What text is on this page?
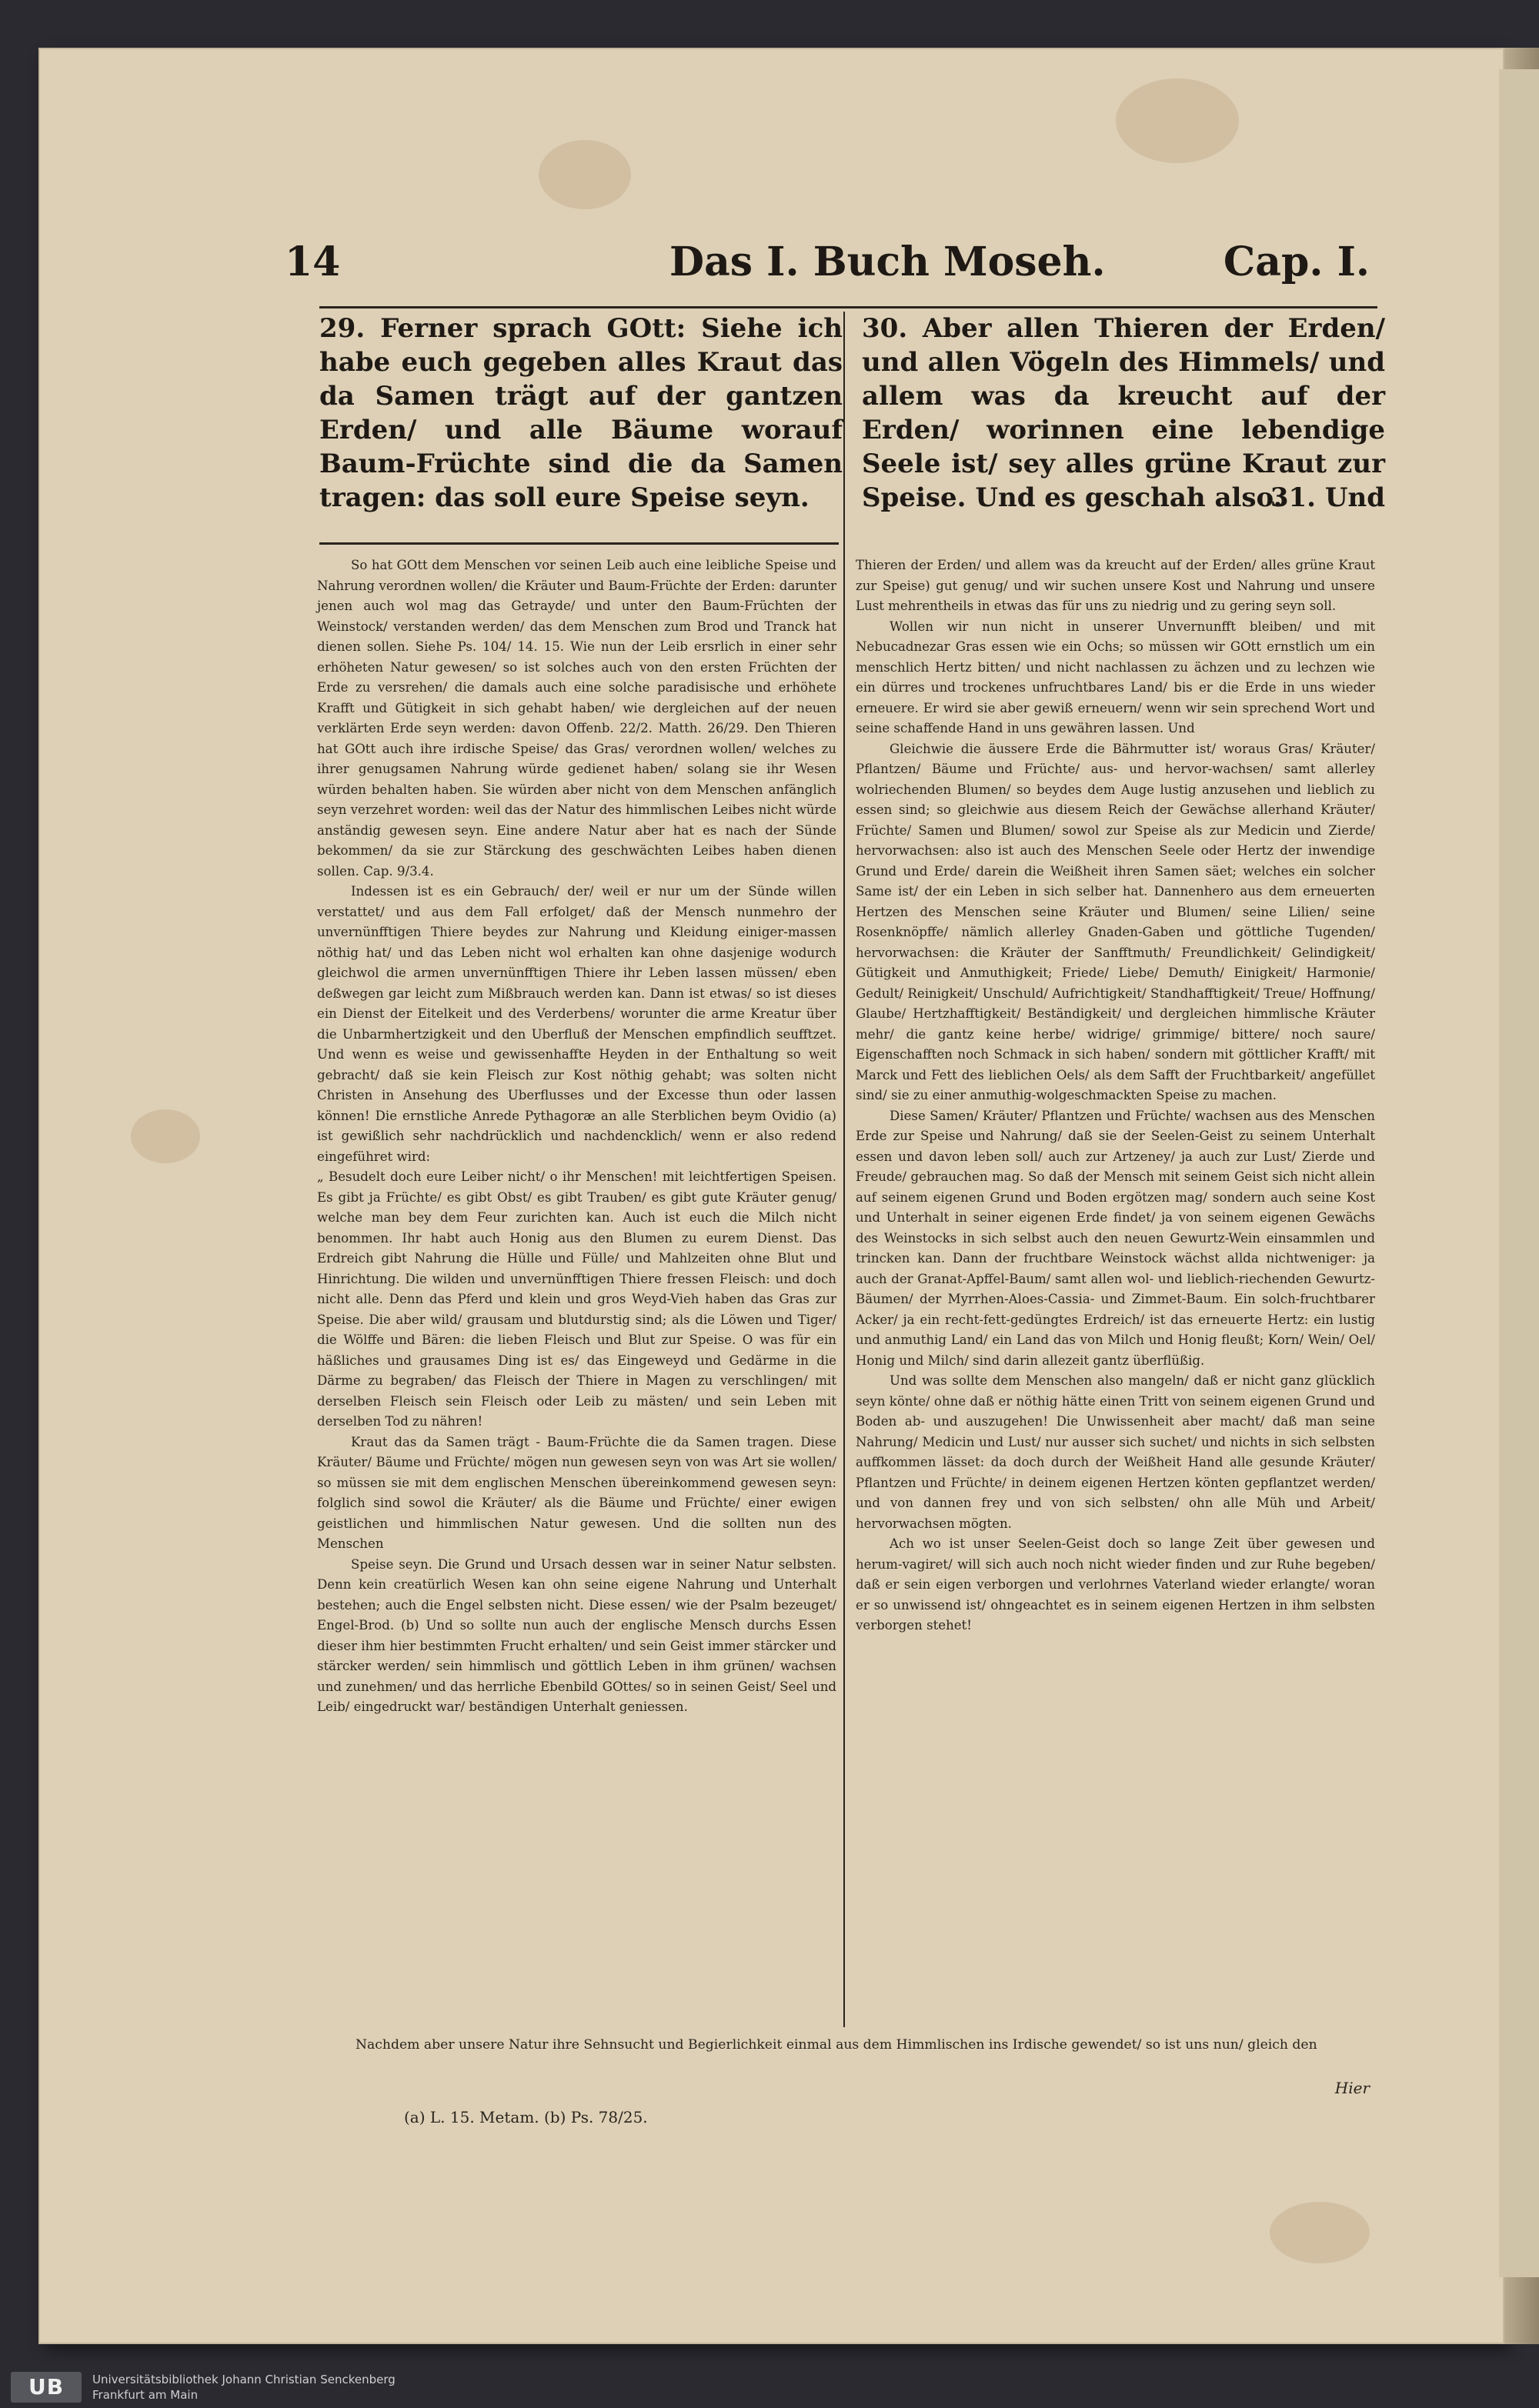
14	Das I. Buch Moseh.	Cap. I.
29. Ferner sprach GOtt: Siehe ich habe euch gegeben alles Kraut das da Samen trägt auf der gantzen Erden/ und alle Bäume worauf Baum-Früchte sind die da Samen tragen: das soll eure Speise seyn.
30. Aber allen Thieren der Erden/ und allen Vögeln des Himmels/ und allem was da kreucht auf der Erden/ worinnen eine lebendige Seele ist/ sey alles grüne Kraut zur Speise. Und es geschah also.
31. Und

So hat GOtt dem Menschen vor seinen Leib auch eine leibliche Speise und Nahrung verordnen wollen/ die Kräuter und Baum-Früchte der Erden: darunter jenen auch wol mag das Getrayde/ und unter den Baum-Früchten der Weinstock/ verstanden werden/ das dem Menschen zum Brod und Tranck hat dienen sollen. Siehe Ps. 104/ 14. 15. Wie nun der Leib ersrlich in einer sehr erhöheten Natur gewesen/ so ist solches auch von den ersten Früchten der Erde zu versrehen/ die damals auch eine solche paradisische und erhöhete Krafft und Gütigkeit in sich gehabt haben/ wie dergleichen auf der neuen verklärten Erde seyn werden: davon Offenb. 22/2. Matth. 26/29. Den Thieren hat GOtt auch ihre irdische Speise/ das Gras/ verordnen wollen/ welches zu ihrer genugsamen Nahrung würde gedienet haben/ solang sie ihr Wesen würden behalten haben. Sie würden aber nicht von dem Menschen anfänglich seyn verzehret worden: weil das der Natur des himmlischen Leibes nicht würde anständig gewesen seyn. Eine andere Natur aber hat es nach der Sünde bekommen/ da sie zur Stärckung des geschwächten Leibes haben dienen sollen. Cap. 9/3.4.

Indessen ist es ein Gebrauch/ der/ weil er nur um der Sünde willen verstattet/ und aus dem Fall erfolget/ daß der Mensch nunmehro der unvernünfftigen Thiere beydes zur Nahrung und Kleidung einiger-massen nöthig hat/ und das Leben nicht wol erhalten kan ohne dasjenige wodurch gleichwol die armen unvernünfftigen Thiere ihr Leben lassen müssen/ eben deßwegen gar leicht zum Mißbrauch werden kan. Dann ist etwas/ so ist dieses ein Dienst der Eitelkeit und des Verderbens/ worunter die arme Kreatur über die Unbarmhertzigkeit und den Uberfluß der Menschen empfindlich seufftzet. Und wenn es weise und gewissenhaffte Heyden in der Enthaltung so weit gebracht/ daß sie kein Fleisch zur Kost nöthig gehabt; was solten nicht Christen in Ansehung des Uberflusses und der Excesse thun oder lassen können! Die ernstliche Anrede Pythagoræ an alle Sterblichen beym Ovidio (a) ist gewißlich sehr nachdrücklich und nachdencklich/ wenn er also redend eingeführet wird:

„ Besudelt doch eure Leiber nicht/ o ihr Menschen! mit leichtfertigen Speisen. Es gibt ja Früchte/ es gibt Obst/ es gibt Trauben/ es gibt gute Kräuter genug/ welche man bey dem Feur zurichten kan. Auch ist euch die Milch nicht benommen. Ihr habt auch Honig aus den Blumen zu eurem Dienst. Das Erdreich gibt Nahrung die Hülle und Fülle/ und Mahlzeiten ohne Blut und Hinrichtung. Die wilden und unvernünfftigen Thiere fressen Fleisch: und doch nicht alle. Denn das Pferd und klein und gros Weyd-Vieh haben das Gras zur Speise. Die aber wild/ grausam und blutdurstig sind; als die Löwen und Tiger/ die Wölffe und Bären: die lieben Fleisch und Blut zur Speise. O was für ein häßliches und grausames Ding ist es/ das Eingeweyd und Gedärme in die Därme zu begraben/ das Fleisch der Thiere in Magen zu verschlingen/ mit derselben Fleisch sein Fleisch oder Leib zu mästen/ und sein Leben mit derselben Tod zu nähren!

Kraut das da Samen trägt - Baum-Früchte die da Samen tragen. Diese Kräuter/ Bäume und Früchte/ mögen nun gewesen seyn von was Art sie wollen/ so müssen sie mit dem englischen Menschen übereinkommend gewesen seyn: folglich sind sowol die Kräuter/ als die Bäume und Früchte/ einer ewigen geistlichen und himmlischen Natur gewesen. Und die sollten nun des Menschen

Speise seyn. Die Grund und Ursach dessen war in seiner Natur selbsten. Denn kein creatürlich Wesen kan ohn seine eigene Nahrung und Unterhalt bestehen; auch die Engel selbsten nicht. Diese essen/ wie der Psalm bezeuget/ Engel-Brod. (b) Und so sollte nun auch der englische Mensch durchs Essen dieser ihm hier bestimmten Frucht erhalten/ und sein Geist immer stärcker und stärcker werden/ sein himmlisch und göttlich Leben in ihm grünen/ wachsen und zunehmen/ und das herrliche Ebenbild GOttes/ so in seinen Geist/ Seel und Leib/ eingedruckt war/ beständigen Unterhalt geniessen.

Thieren der Erden/ und allem was da kreucht auf der Erden/ alles grüne Kraut zur Speise) gut genug/ und wir suchen unsere Kost und Nahrung und unsere Lust mehrentheils in etwas das für uns zu niedrig und zu gering seyn soll.

Wollen wir nun nicht in unserer Unvernunfft bleiben/ und mit Nebucadnezar Gras essen wie ein Ochs; so müssen wir GOtt ernstlich um ein menschlich Hertz bitten/ und nicht nachlassen zu ächzen und zu lechzen wie ein dürres und trockenes unfruchtbares Land/ bis er die Erde in uns wieder erneuere. Er wird sie aber gewiß erneuern/ wenn wir sein sprechend Wort und seine schaffende Hand in uns gewähren lassen. Und

Gleichwie die äussere Erde die Bährmutter ist/ woraus Gras/ Kräuter/ Pflantzen/ Bäume und Früchte/ aus- und hervor-wachsen/ samt allerley wolriechenden Blumen/ so beydes dem Auge lustig anzusehen und lieblich zu essen sind; so gleichwie aus diesem Reich der Gewächse allerhand Kräuter/ Früchte/ Samen und Blumen/ sowol zur Speise als zur Medicin und Zierde/ hervorwachsen: also ist auch des Menschen Seele oder Hertz der inwendige Grund und Erde/ darein die Weißheit ihren Samen säet; welches ein solcher Same ist/ der ein Leben in sich selber hat. Dannenhero aus dem erneuerten Hertzen des Menschen seine Kräuter und Blumen/ seine Lilien/ seine Rosenknöpffe/ nämlich allerley Gnaden-Gaben und göttliche Tugenden/ hervorwachsen: die Kräuter der Sanfftmuth/ Freundlichkeit/ Gelindigkeit/ Gütigkeit und Anmuthigkeit; Friede/ Liebe/ Demuth/ Einigkeit/ Harmonie/ Gedult/ Reinigkeit/ Unschuld/ Aufrichtigkeit/ Standhafftigkeit/ Treue/ Hoffnung/ Glaube/ Hertzhafftigkeit/ Beständigkeit/ und dergleichen himmlische Kräuter mehr/ die gantz keine herbe/ widrige/ grimmige/ bittere/ noch saure/ Eigenschafften noch Schmack in sich haben/ sondern mit göttlicher Krafft/ mit Marck und Fett des lieblichen Oels/ als dem Safft der Fruchtbarkeit/ angefüllet sind/ sie zu einer anmuthig-wolgeschmackten Speise zu machen.

Diese Samen/ Kräuter/ Pflantzen und Früchte/ wachsen aus des Menschen Erde zur Speise und Nahrung/ daß sie der Seelen-Geist zu seinem Unterhalt essen und davon leben soll/ auch zur Artzeney/ ja auch zur Lust/ Zierde und Freude/ gebrauchen mag. So daß der Mensch mit seinem Geist sich nicht allein auf seinem eigenen Grund und Boden ergötzen mag/ sondern auch seine Kost und Unterhalt in seiner eigenen Erde findet/ ja von seinem eigenen Gewächs des Weinstocks in sich selbst auch den neuen Gewurtz-Wein einsammlen und trincken kan. Dann der fruchtbare Weinstock wächst allda nichtweniger: ja auch der Granat-Apffel-Baum/ samt allen wol- und lieblich-riechenden Gewurtz-Bäumen/ der Myrrhen-Aloes-Cassia- und Zimmet-Baum. Ein solch-fruchtbarer Acker/ ja ein recht-fett-gedüngtes Erdreich/ ist das erneuerte Hertz: ein lustig und anmuthig Land/ ein Land das von Milch und Honig fleußt; Korn/ Wein/ Oel/ Honig und Milch/ sind darin allezeit gantz überflüßig.

Und was sollte dem Menschen also mangeln/ daß er nicht ganz glücklich seyn könte/ ohne daß er nöthig hätte einen Tritt von seinem eigenen Grund und Boden ab- und auszugehen! Die Unwissenheit aber macht/ daß man seine Nahrung/ Medicin und Lust/ nur ausser sich suchet/ und nichts in sich selbsten auffkommen lässet: da doch durch der Weißheit Hand alle gesunde Kräuter/ Pflantzen und Früchte/ in deinem eigenen Hertzen könten gepflantzet werden/ und von dannen frey und von sich selbsten/ ohn alle Müh und Arbeit/ hervorwachsen mögten.

Ach wo ist unser Seelen-Geist doch so lange Zeit über gewesen und herum-vagiret/ will sich auch noch nicht wieder finden und zur Ruhe begeben/ daß er sein eigen verborgen und verlohrnes Vaterland wieder erlangte/ woran er so unwissend ist/ ohngeachtet es in seinem eigenen Hertzen in ihm selbsten verborgen stehet!

Nachdem aber unsere Natur ihre Sehnsucht und Begierlichkeit einmal aus dem Himmlischen ins Irdische gewendet/ so ist uns nun/ gleich den
Hier
(a) L. 15. Metam. (b) Ps. 78/25.
UB	Universitätsbibliothek Johann Christian Senckenberg
Frankfurt am Main
